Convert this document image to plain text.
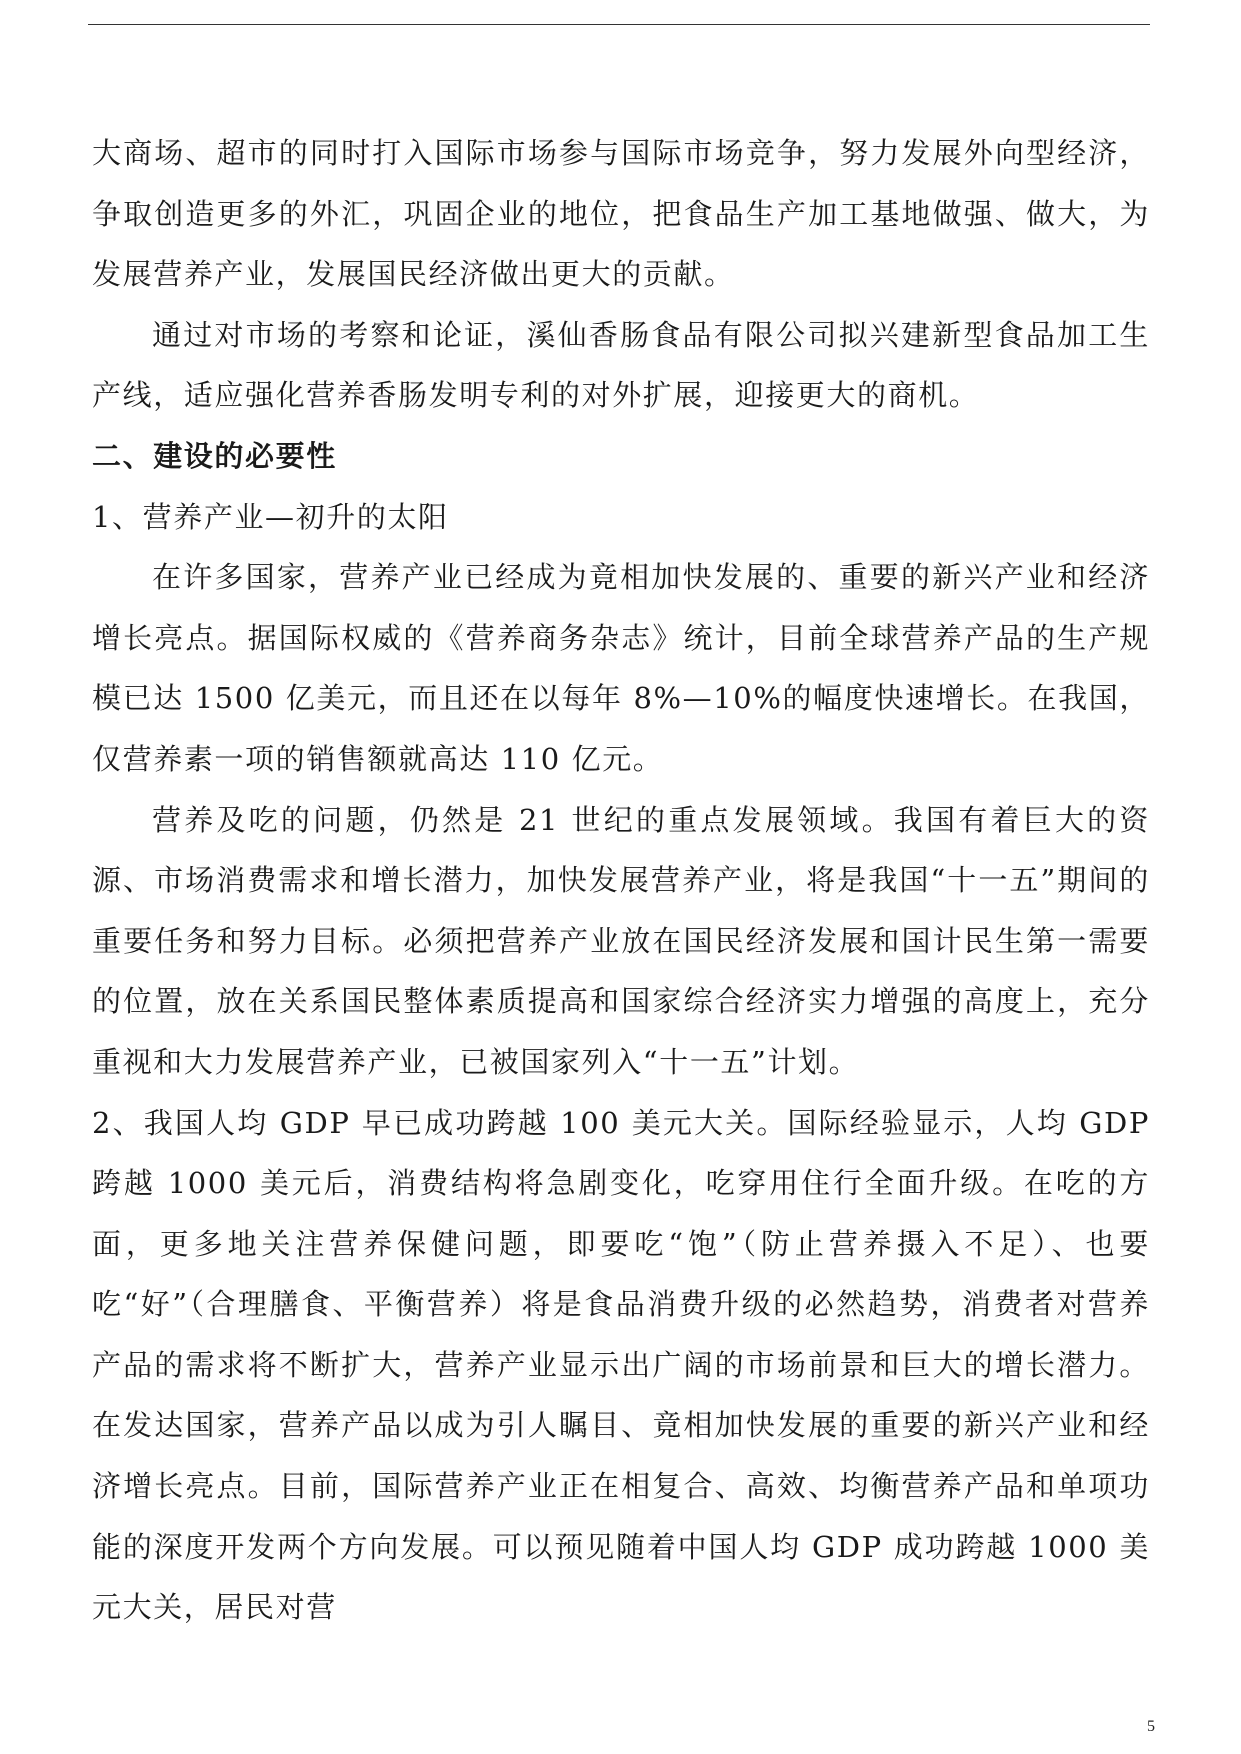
大商场、超市的同时打入国际市场参与国际市场竞争，努力发展外向型经济，争取创造更多的外汇，巩固企业的地位，把食品生产加工基地做强、做大，为发展营养产业，发展国民经济做出更大的贡献。

通过对市场的考察和论证，溪仙香肠食品有限公司拟兴建新型食品加工生产线，适应强化营养香肠发明专利的对外扩展，迎接更大的商机。

二、建设的必要性

1、营养产业—初升的太阳

在许多国家，营养产业已经成为竟相加快发展的、重要的新兴产业和经济增长亮点。据国际权威的《营养商务杂志》统计，目前全球营养产品的生产规模已达 1500 亿美元，而且还在以每年 8%—10%的幅度快速增长。在我国，仅营养素一项的销售额就高达 110 亿元。

营养及吃的问题，仍然是 21 世纪的重点发展领域。我国有着巨大的资源、市场消费需求和增长潜力，加快发展营养产业，将是我国“十一五”期间的重要任务和努力目标。必须把营养产业放在国民经济发展和国计民生第一需要的位置，放在关系国民整体素质提高和国家综合经济实力增强的高度上，充分重视和大力发展营养产业，已被国家列入“十一五”计划。

2、我国人均 GDP 早已成功跨越 100 美元大关。国际经验显示，人均 GDP 跨越 1000 美元后，消费结构将急剧变化，吃穿用住行全面升级。在吃的方面，更多地关注营养保健问题，即要吃“饱”（防止营养摄入不足）、也要吃“好”（合理膳食、平衡营养）将是食品消费升级的必然趋势，消费者对营养产品的需求将不断扩大，营养产业显示出广阔的市场前景和巨大的增长潜力。在发达国家，营养产品以成为引人瞩目、竟相加快发展的重要的新兴产业和经济增长亮点。目前，国际营养产业正在相复合、高效、均衡营养产品和单项功能的深度开发两个方向发展。可以预见随着中国人均 GDP 成功跨越 1000 美元大关，居民对营

5
